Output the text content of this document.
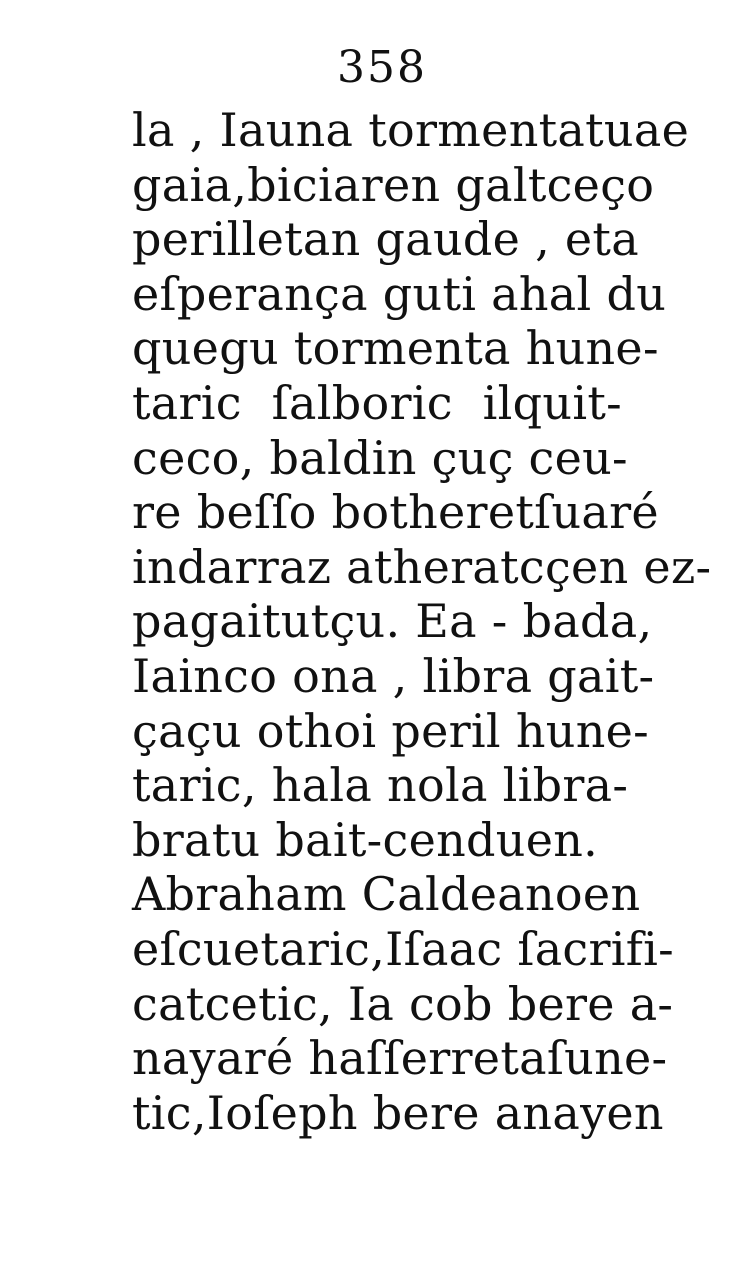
358
la , Iauna tormentatuae
gaia,biciaren galtceço
perilletan gaude , eta
eſperança guti ahal du
quegu tormenta hune-
taric ſalboric ilquit-
ceco, baldin çuç ceu-
re beſſo botheretſuaré
indarraz atheratcçen ez-
pagaitutçu. Ea - bada,
Iainco ona , libra gait-
çaçu othoi peril hune-
taric, hala nola libra-
bratu bait-cenduen.
Abraham Caldeanoen
eſcuetaric,Iſaac ſacrifi-
catcetic, Ia cob bere a-
nayaré haſſerretaſune-
tic,Ioſeph bere anayen
